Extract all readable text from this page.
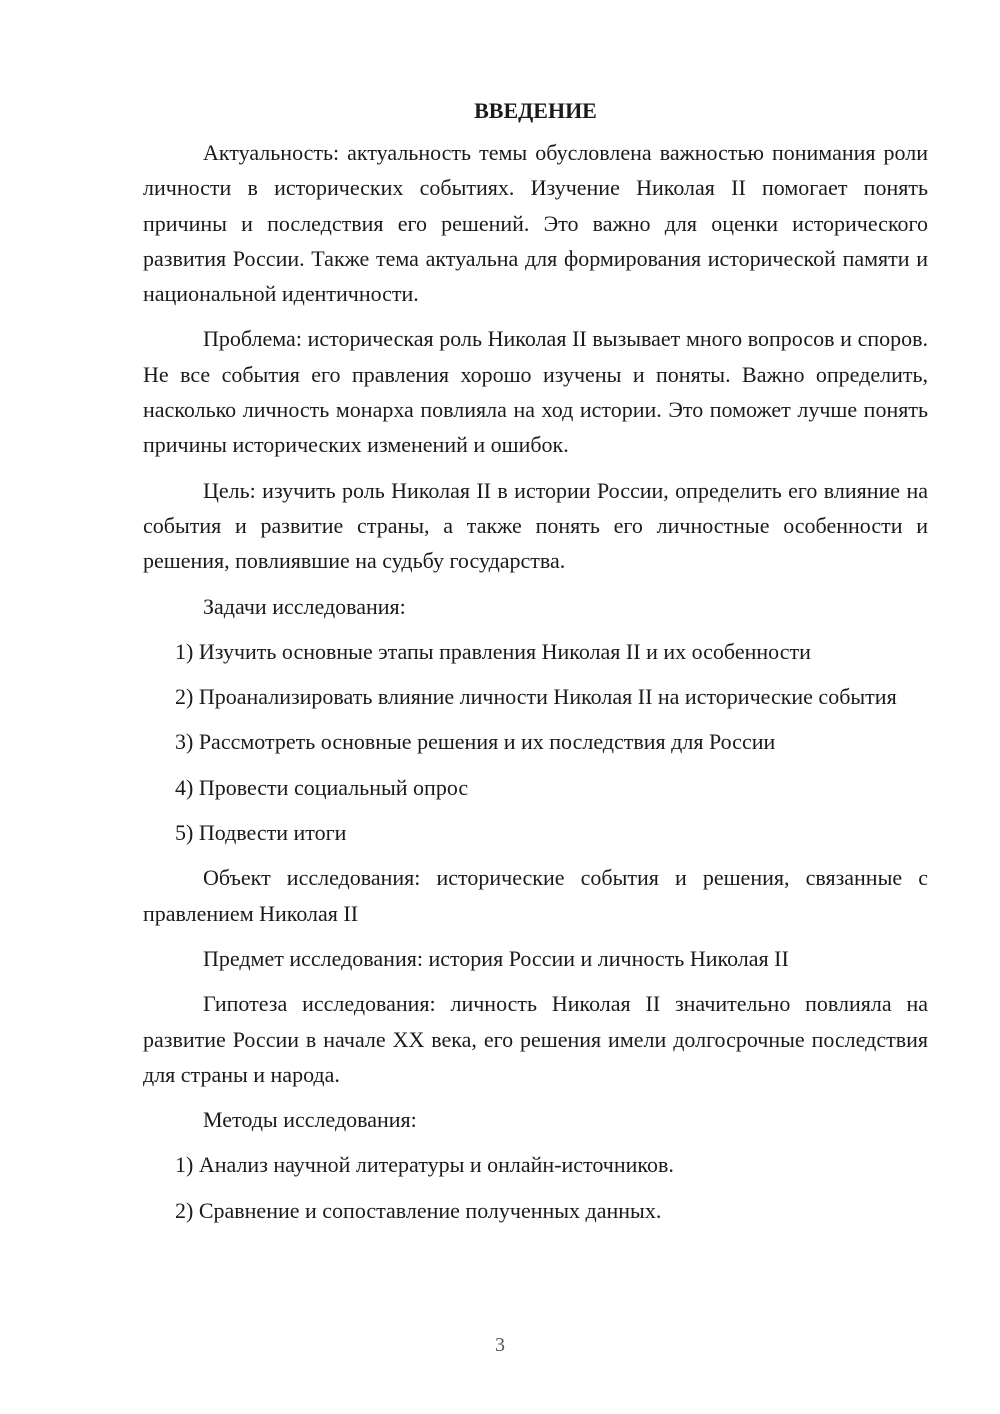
ВВЕДЕНИЕ

Актуальность: актуальность темы обусловлена важностью понимания роли личности в исторических событиях. Изучение Николая II помогает понять причины и последствия его решений. Это важно для оценки исторического развития России. Также тема актуальна для формирования исторической памяти и национальной идентичности.

Проблема: историческая роль Николая II вызывает много вопросов и споров. Не все события его правления хорошо изучены и поняты. Важно определить, насколько личность монарха повлияла на ход истории. Это поможет лучше понять причины исторических изменений и ошибок.

Цель: изучить роль Николая II в истории России, определить его влияние на события и развитие страны, а также понять его личностные особенности и решения, повлиявшие на судьбу государства.

Задачи исследования:

1) Изучить основные этапы правления Николая II и их особенности

2) Проанализировать влияние личности Николая II на исторические события

3) Рассмотреть основные решения и их последствия для России

4) Провести социальный опрос

5) Подвести итоги

Объект исследования: исторические события и решения, связанные с правлением Николая II

Предмет исследования: история России и личность Николая II

Гипотеза исследования: личность Николая II значительно повлияла на развитие России в начале XX века, его решения имели долгосрочные последствия для страны и народа.

Методы исследования:

1) Анализ научной литературы и онлайн-источников.

2) Сравнение и сопоставление полученных данных.

3
